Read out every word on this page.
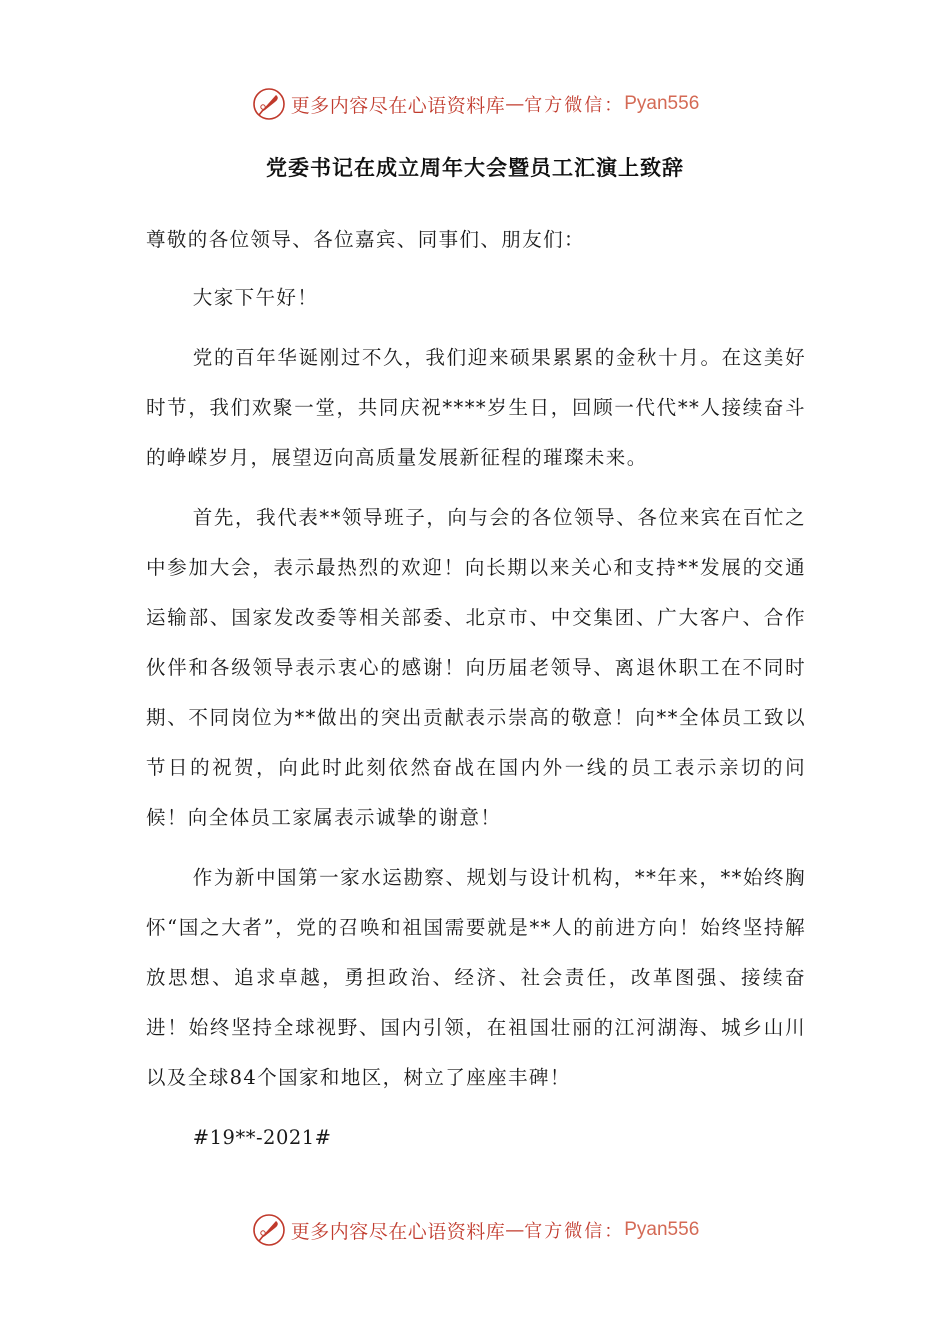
更多内容尽在心语资料库 — 官方微信： Pyan556
党委书记在成立周年大会暨员工汇演上致辞

尊敬的各位领导、各位嘉宾、同事们、朋友们：

大家下午好！

党的百年华诞刚过不久，我们迎来硕果累累的金秋十月。在这美好时节，我们欢聚一堂，共同庆祝****岁生日，回顾一代代**人接续奋斗的峥嵘岁月，展望迈向高质量发展新征程的璀璨未来。

首先，我代表**领导班子，向与会的各位领导、各位来宾在百忙之中参加大会，表示最热烈的欢迎！向长期以来关心和支持**发展的交通运输部、国家发改委等相关部委、北京市、中交集团、广大客户、合作伙伴和各级领导表示衷心的感谢！向历届老领导、离退休职工在不同时期、不同岗位为**做出的突出贡献表示崇高的敬意！向**全体员工致以节日的祝贺，向此时此刻依然奋战在国内外一线的员工表示亲切的问候！向全体员工家属表示诚挚的谢意！

作为新中国第一家水运勘察、规划与设计机构，**年来，**始终胸怀“国之大者”，党的召唤和祖国需要就是**人的前进方向！始终坚持解放思想、追求卓越，勇担政治、经济、社会责任，改革图强、接续奋进！始终坚持全球视野、国内引领，在祖国壮丽的江河湖海、城乡山川以及全球84个国家和地区，树立了座座丰碑！

#19**-2021#

更多内容尽在心语资料库 — 官方微信： Pyan556
